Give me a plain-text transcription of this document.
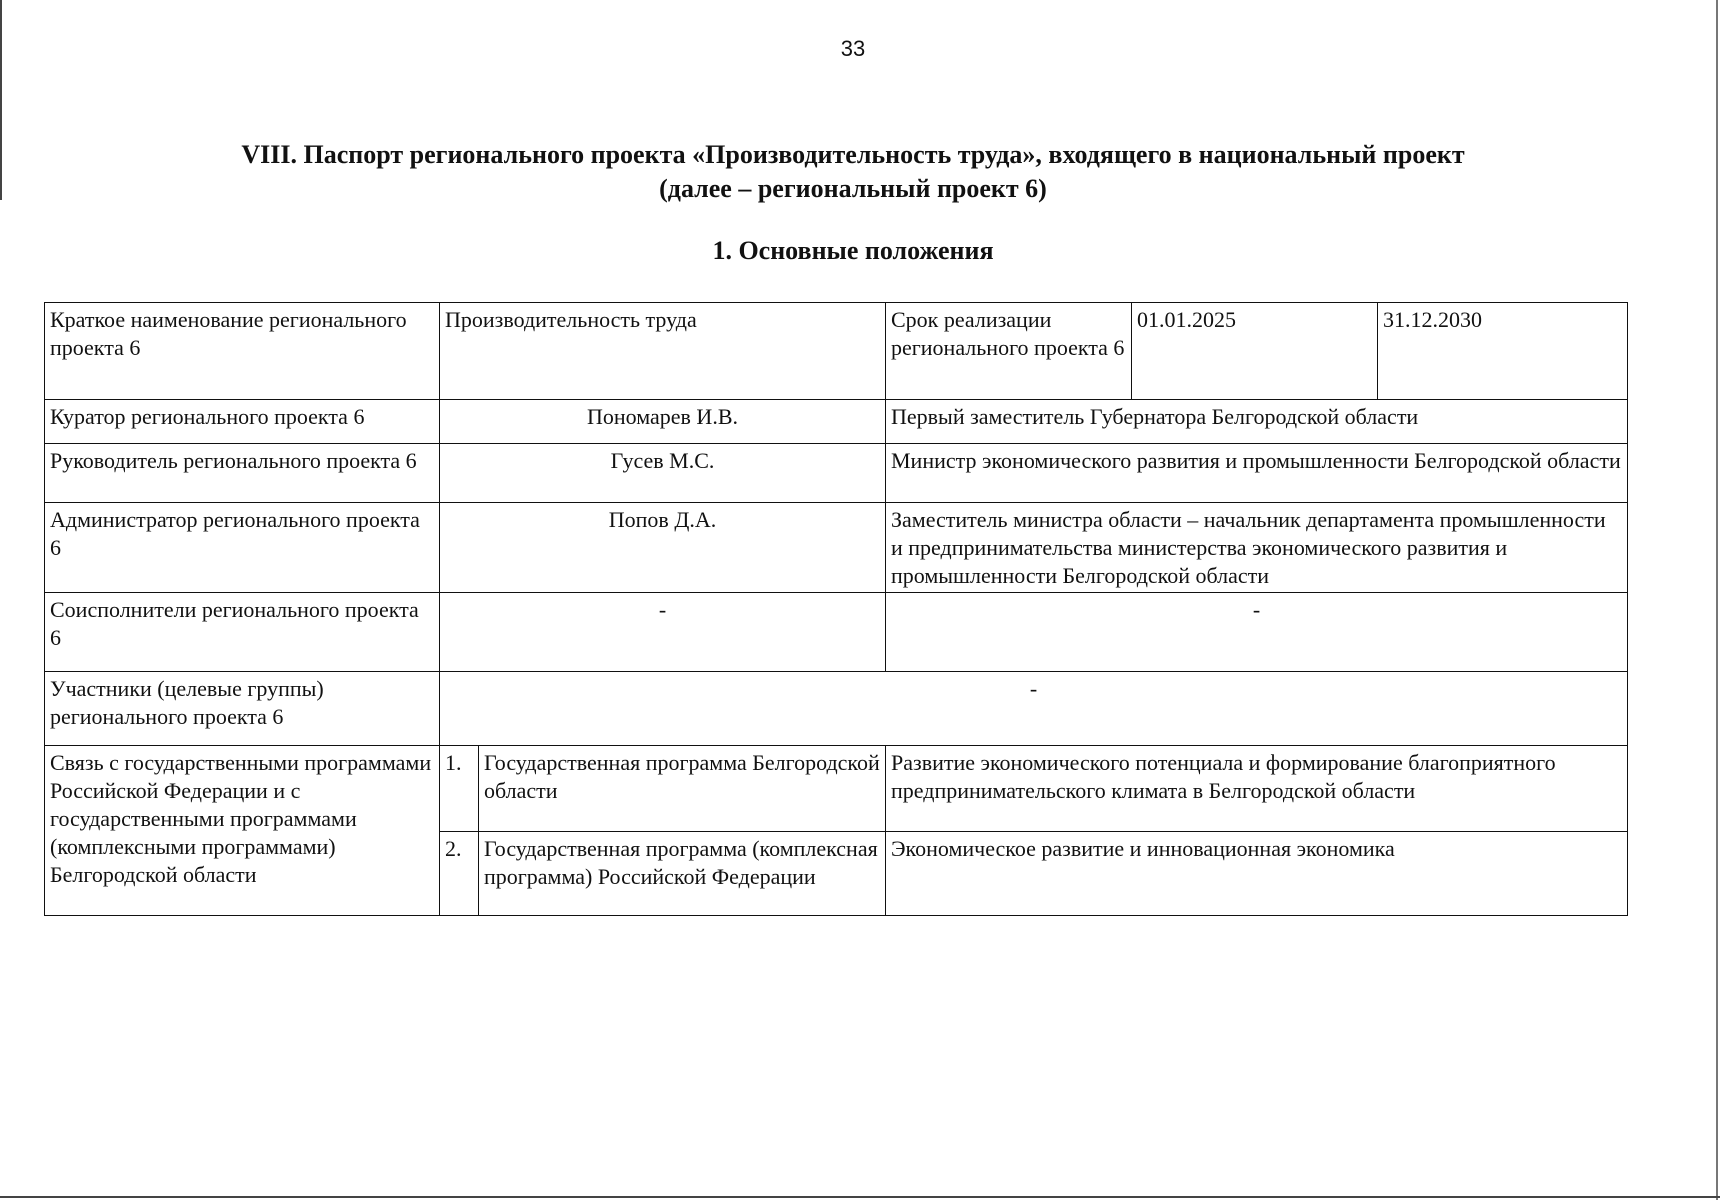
33
VIII. Паспорт регионального проекта «Производительность труда», входящего в национальный проект
(далее – региональный проект 6)
1. Основные положения
Краткое наименование регионального проекта 6	Производительность труда		Срок реализации регионального проекта 6	01.01.2025	31.12.2030
Куратор регионального проекта 6	Пономарев И.В.		Первый заместитель Губернатора Белгородской области		
Руководитель регионального проекта 6	Гусев М.С.		Министр экономического развития и промышленности Белгородской области		
Администратор регионального проекта 6	Попов Д.А.		Заместитель министра области – начальник департамента промышленности и предпринимательства министерства экономического развития и промышленности Белгородской области		
Соисполнители регионального проекта 6	-		-		
Участники (целевые группы) регионального проекта 6	-				
Связь с государственными программами Российской Федерации и с государственными программами (комплексными программами) Белгородской области	1.	Государственная программа Белгородской области	Развитие экономического потенциала и формирование благоприятного предпринимательского климата в Белгородской области		
	2.	Государственная программа (комплексная программа) Российской Федерации	Экономическое развитие и инновационная экономика		
